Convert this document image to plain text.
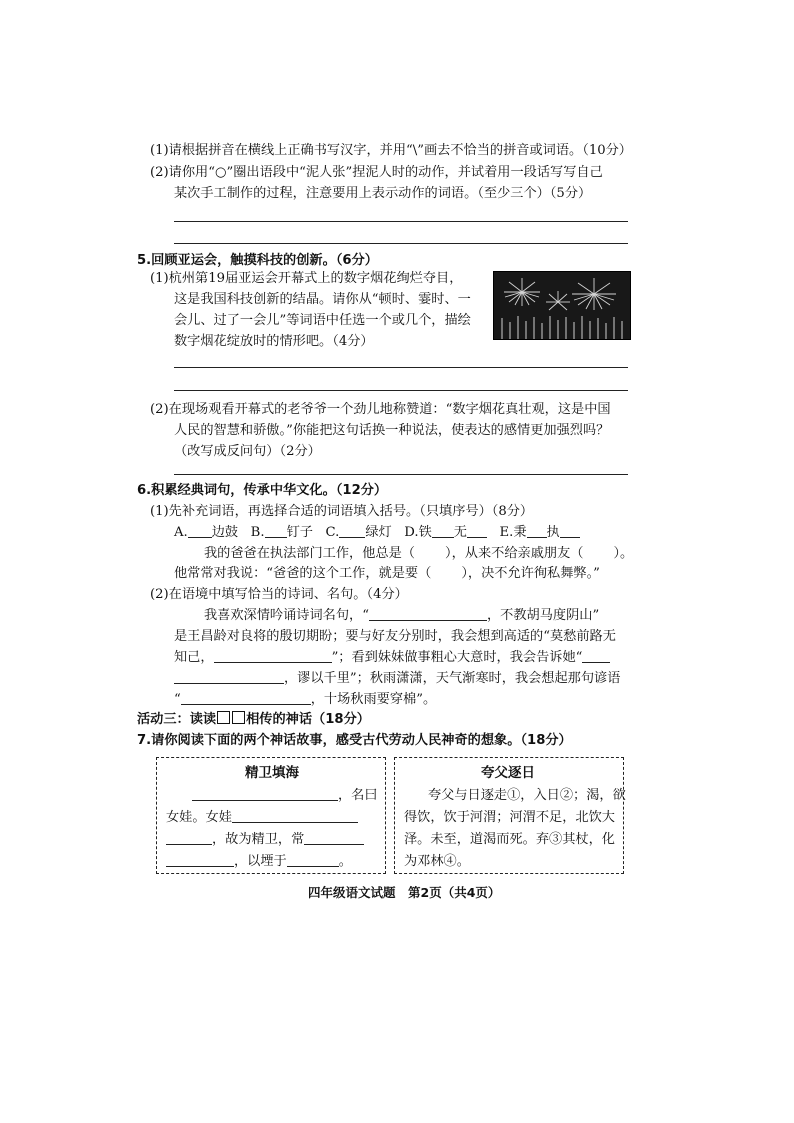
(1)请根据拼音在横线上正确书写汉字，并用“\”画去不恰当的拼音或词语。（10分）
(2)请你用“○”圈出语段中“泥人张”捏泥人时的动作，并试着用一段话写写自己
某次手工制作的过程，注意要用上表示动作的词语。（至少三个）（5分）
5.回顾亚运会，触摸科技的创新。（6分）
(1)杭州第19届亚运会开幕式上的数字烟花绚烂夺目，
这是我国科技创新的结晶。请你从“顿时、霎时、一
会儿、过了一会儿”等词语中任选一个或几个，描绘
数字烟花绽放时的情形吧。（4分）
(2)在现场观看开幕式的老爷爷一个劲儿地称赞道：“数字烟花真壮观，这是中国
人民的智慧和骄傲。”你能把这句话换一种说法，使表达的感情更加强烈吗？
（改写成反问句）（2分）
6.积累经典词句，传承中华文化。（12分）
(1)先补充词语，再选择合适的词语填入括号。（只填序号）（8分）
A. 边鼓 B. 钉子 C. 绿灯 D.铁 无 E.秉 执
我的爸爸在执法部门工作，他总是（ ），从来不给亲戚朋友（ ）。
他常常对我说：“爸爸的这个工作，就是要（ ），决不允许徇私舞弊。”
(2)在语境中填写恰当的诗词、名句。（4分）
我喜欢深情吟诵诗词名句，“	，不教胡马度阴山”
是王昌龄对良将的殷切期盼；要与好友分别时，我会想到高适的“莫愁前路无
知己，	”；看到妹妹做事粗心大意时，我会告诉她“
，谬以千里”；秋雨潇潇，天气渐寒时，我会想起那句谚语
“	，十场秋雨要穿棉”。
活动三：读读 相传的神话（18分）
7.请你阅读下面的两个神话故事，感受古代劳动人民神奇的想象。（18分）
精卫填海
，名曰
女娃。女娃
，故为精卫，常
，以堙于	。
夸父逐日
夸父与日逐走①，入日②；渴，欲
得饮，饮于河渭；河渭不足，北饮大
泽。未至，道渴而死。弃③其杖，化
为邓林④。
四年级语文试题　第2页（共4页）
